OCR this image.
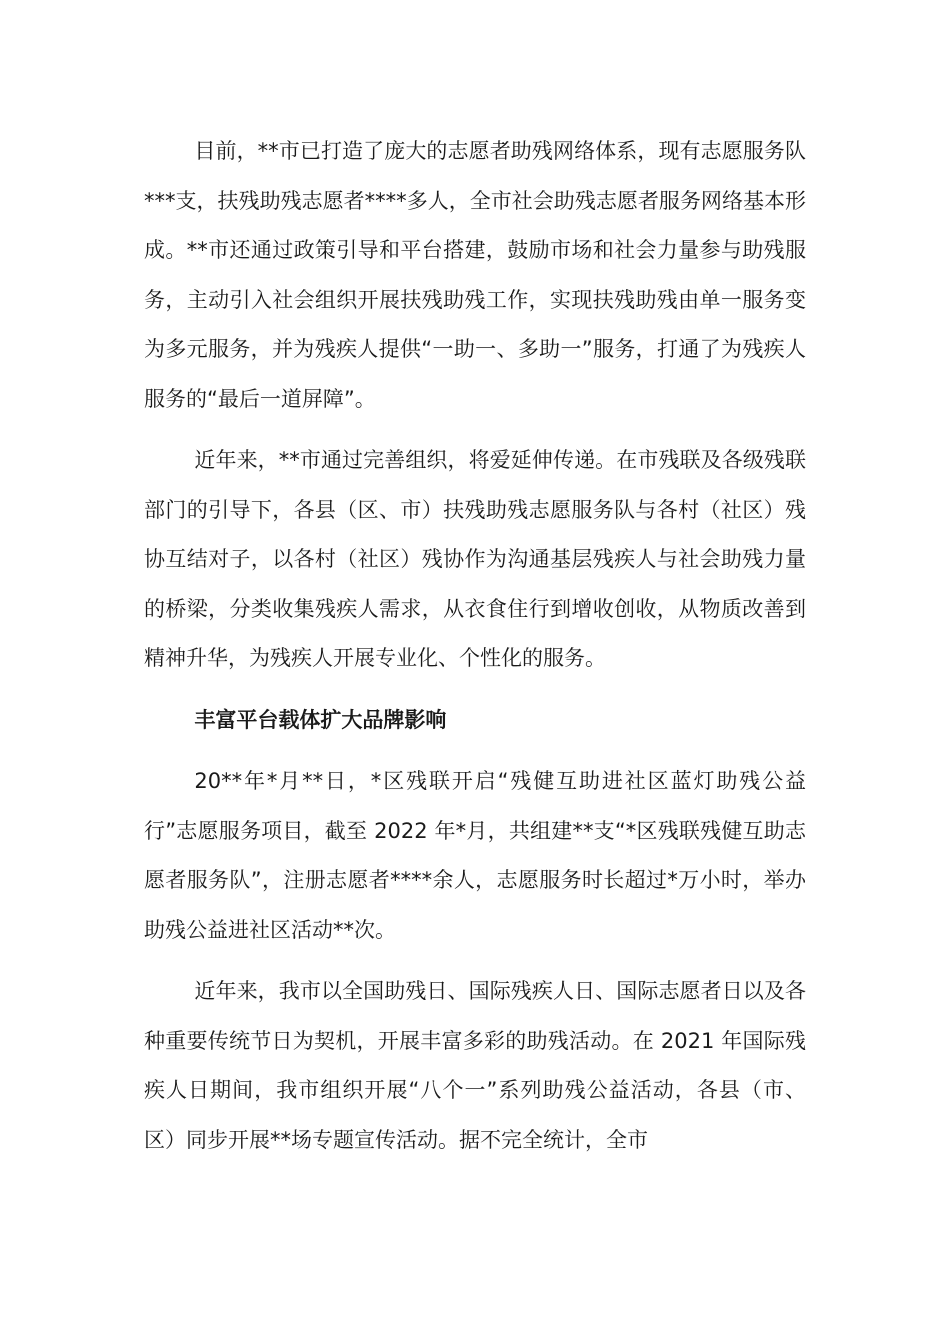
目前，**市已打造了庞大的志愿者助残网络体系，现有志愿服务队***支，扶残助残志愿者****多人，全市社会助残志愿者服务网络基本形成。**市还通过政策引导和平台搭建，鼓励市场和社会力量参与助残服务，主动引入社会组织开展扶残助残工作，实现扶残助残由单一服务变为多元服务，并为残疾人提供“一助一、多助一”服务，打通了为残疾人服务的“最后一道屏障”。

近年来，**市通过完善组织，将爱延伸传递。在市残联及各级残联部门的引导下，各县（区、市）扶残助残志愿服务队与各村（社区）残协互结对子，以各村（社区）残协作为沟通基层残疾人与社会助残力量的桥梁，分类收集残疾人需求，从衣食住行到增收创收，从物质改善到精神升华，为残疾人开展专业化、个性化的服务。

丰富平台载体扩大品牌影响

20**年*月**日，*区残联开启“残健互助进社区蓝灯助残公益行”志愿服务项目，截至 2022 年*月，共组建**支“*区残联残健互助志愿者服务队”，注册志愿者****余人，志愿服务时长超过*万小时，举办助残公益进社区活动**次。

近年来，我市以全国助残日、国际残疾人日、国际志愿者日以及各种重要传统节日为契机，开展丰富多彩的助残活动。在 2021 年国际残疾人日期间，我市组织开展“八个一”系列助残公益活动，各县（市、区）同步开展**场专题宣传活动。据不完全统计，全市
